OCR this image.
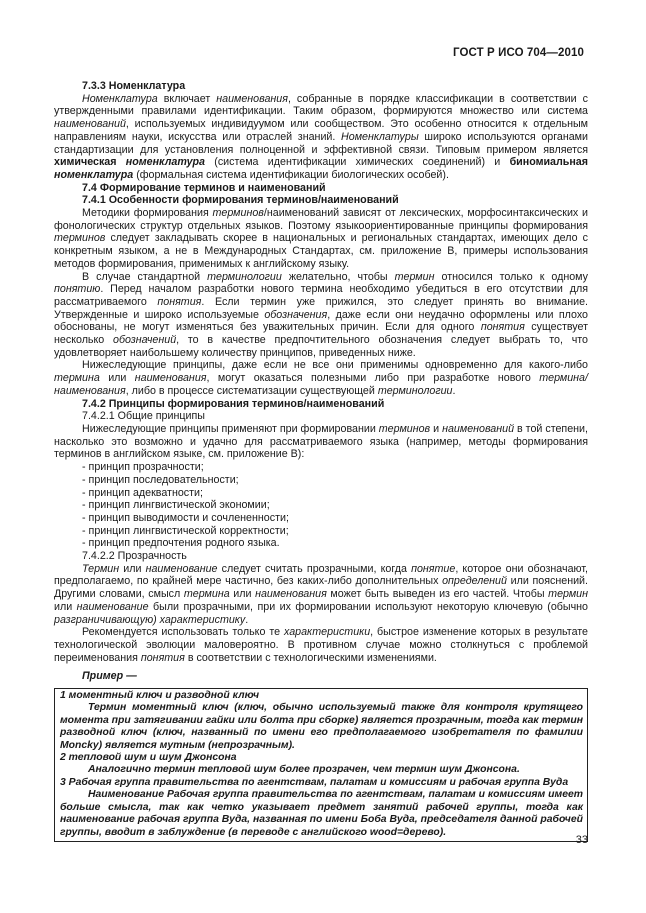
ГОСТ Р ИСО 704—2010

7.3.3 Номенклатура

Номенклатура включает наименования, собранные в порядке классификации в соответствии с утвержденными правилами идентификации. Таким образом, формируются множество или система наименований, используемых индивидуумом или сообществом. Это особенно относится к отдельным направлениям науки, искусства или отраслей знаний. Номенклатуры широко используются органами стандартизации для установления полноценной и эффективной связи. Типовым примером является химическая номенклатура (система идентификации химических соединений) и биномиальная номенклатура (формальная система идентификации биологических особей).

7.4 Формирование терминов и наименований

7.4.1 Особенности формирования терминов/наименований

Методики формирования терминов/наименований зависят от лексических, морфосинтаксических и фонологических структур отдельных языков. Поэтому языкоориентированные принципы формирования терминов следует закладывать скорее в национальных и региональных стандартах, имеющих дело с конкретным языком, а не в Международных Стандартах, см. приложение В, примеры использования методов формирования, применимых к английскому языку.

В случае стандартной терминологии желательно, чтобы термин относился только к одному понятию. Перед началом разработки нового термина необходимо убедиться в его отсутствии для рассматриваемого понятия. Если термин уже прижился, это следует принять во внимание. Утвержденные и широко используемые обозначения, даже если они неудачно оформлены или плохо обоснованы, не могут изменяться без уважительных причин. Если для одного понятия существует несколько обозначений, то в качестве предпочтительного обозначения следует выбрать то, что удовлетворяет наибольшему количеству принципов, приведенных ниже.

Нижеследующие принципы, даже если не все они применимы одновременно для какого-либо термина или наименования, могут оказаться полезными либо при разработке нового термина/наименования, либо в процессе систематизации существующей терминологии.

7.4.2 Принципы формирования терминов/наименований

7.4.2.1 Общие принципы

Нижеследующие принципы применяют при формировании терминов и наименований в той степени, насколько это возможно и удачно для рассматриваемого языка (например, методы формирования терминов в английском языке, см. приложение В):

- принцип прозрачности;

- принцип последовательности;

- принцип адекватности;

- принцип лингвистической экономии;

- принцип выводимости и сочлененности;

- принцип лингвистической корректности;

- принцип предпочтения родного языка.

7.4.2.2 Прозрачность

Термин или наименование следует считать прозрачными, когда понятие, которое они обозначают, предполагаемо, по крайней мере частично, без каких-либо дополнительных определений или пояснений. Другими словами, смысл термина или наименования может быть выведен из его частей. Чтобы термин или наименование были прозрачными, при их формировании используют некоторую ключевую (обычно разграничивающую) характеристику.

Рекомендуется использовать только те характеристики, быстрое изменение которых в результате технологической эволюции маловероятно. В противном случае можно столкнуться с проблемой переименования понятия в соответствии с технологическими изменениями.

Пример —

1 моментный ключ и разводной ключ

Термин моментный ключ (ключ, обычно используемый также для контроля крутящего момента при затягивании гайки или болта при сборке) является прозрачным, тогда как термин разводной ключ (ключ, названный по имени его предполагаемого изобретателя по фамилии Moncky) является мутным (непрозрачным).

2 тепловой шум и шум Джонсона

Аналогично термин тепловой шум более прозрачен, чем термин шум Джонсона.

3 Рабочая группа правительства по агентствам, палатам и комиссиям и рабочая группа Вуда

Наименование Рабочая группа правительства по агентствам, палатам и комиссиям имеет больше смысла, так как четко указывает предмет занятий рабочей группы, тогда как наименование рабочая группа Вуда, названная по имени Боба Вуда, председателя данной рабочей группы, вводит в заблуждение (в переводе с английского wood=дерево).

33
